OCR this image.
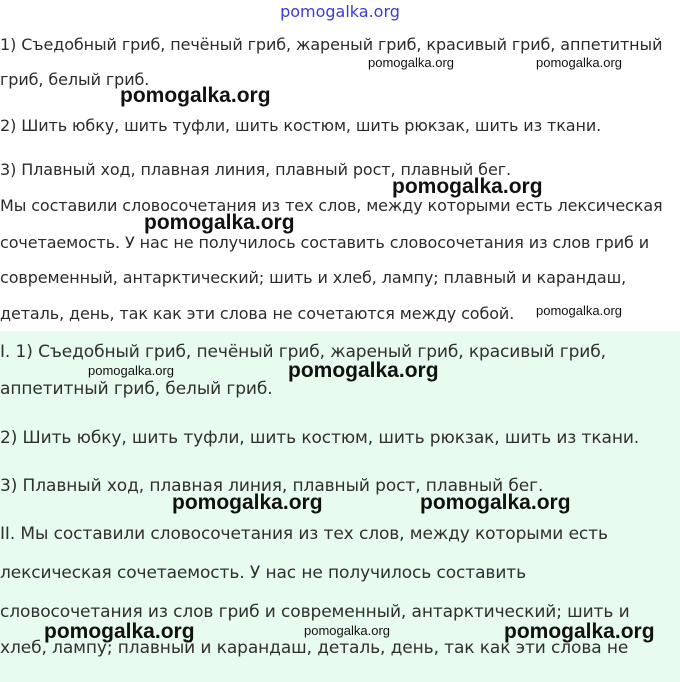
pomogalka.org
1) Съедобный гриб, печёный гриб, жареный гриб, красивый гриб, аппетитный
гриб, белый гриб.
2) Шить юбку, шить туфли, шить костюм, шить рюкзак, шить из ткани.
3) Плавный ход, плавная линия, плавный рост, плавный бег.
Мы составили словосочетания из тех слов, между которыми есть лексическая
сочетаемость. У нас не получилось составить словосочетания из слов гриб и
современный, антарктический; шить и хлеб, лампу; плавный и карандаш,
деталь, день, так как эти слова не сочетаются между собой.
I. 1) Съедобный гриб, печёный гриб, жареный гриб, красивый гриб,
аппетитный гриб, белый гриб.
2) Шить юбку, шить туфли, шить костюм, шить рюкзак, шить из ткани.
3) Плавный ход, плавная линия, плавный рост, плавный бег.
II. Мы составили словосочетания из тех слов, между которыми есть
лексическая сочетаемость. У нас не получилось составить
словосочетания из слов гриб и современный, антарктический; шить и
хлеб, лампу; плавный и карандаш, деталь, день, так как эти слова не
pomogalka.org	pomogalka.org
pomogalka.org
pomogalka.org
pomogalka.org
pomogalka.org
pomogalka.org	pomogalka.org
pomogalka.org	pomogalka.org
pomogalka.org	pomogalka.org	pomogalka.org
